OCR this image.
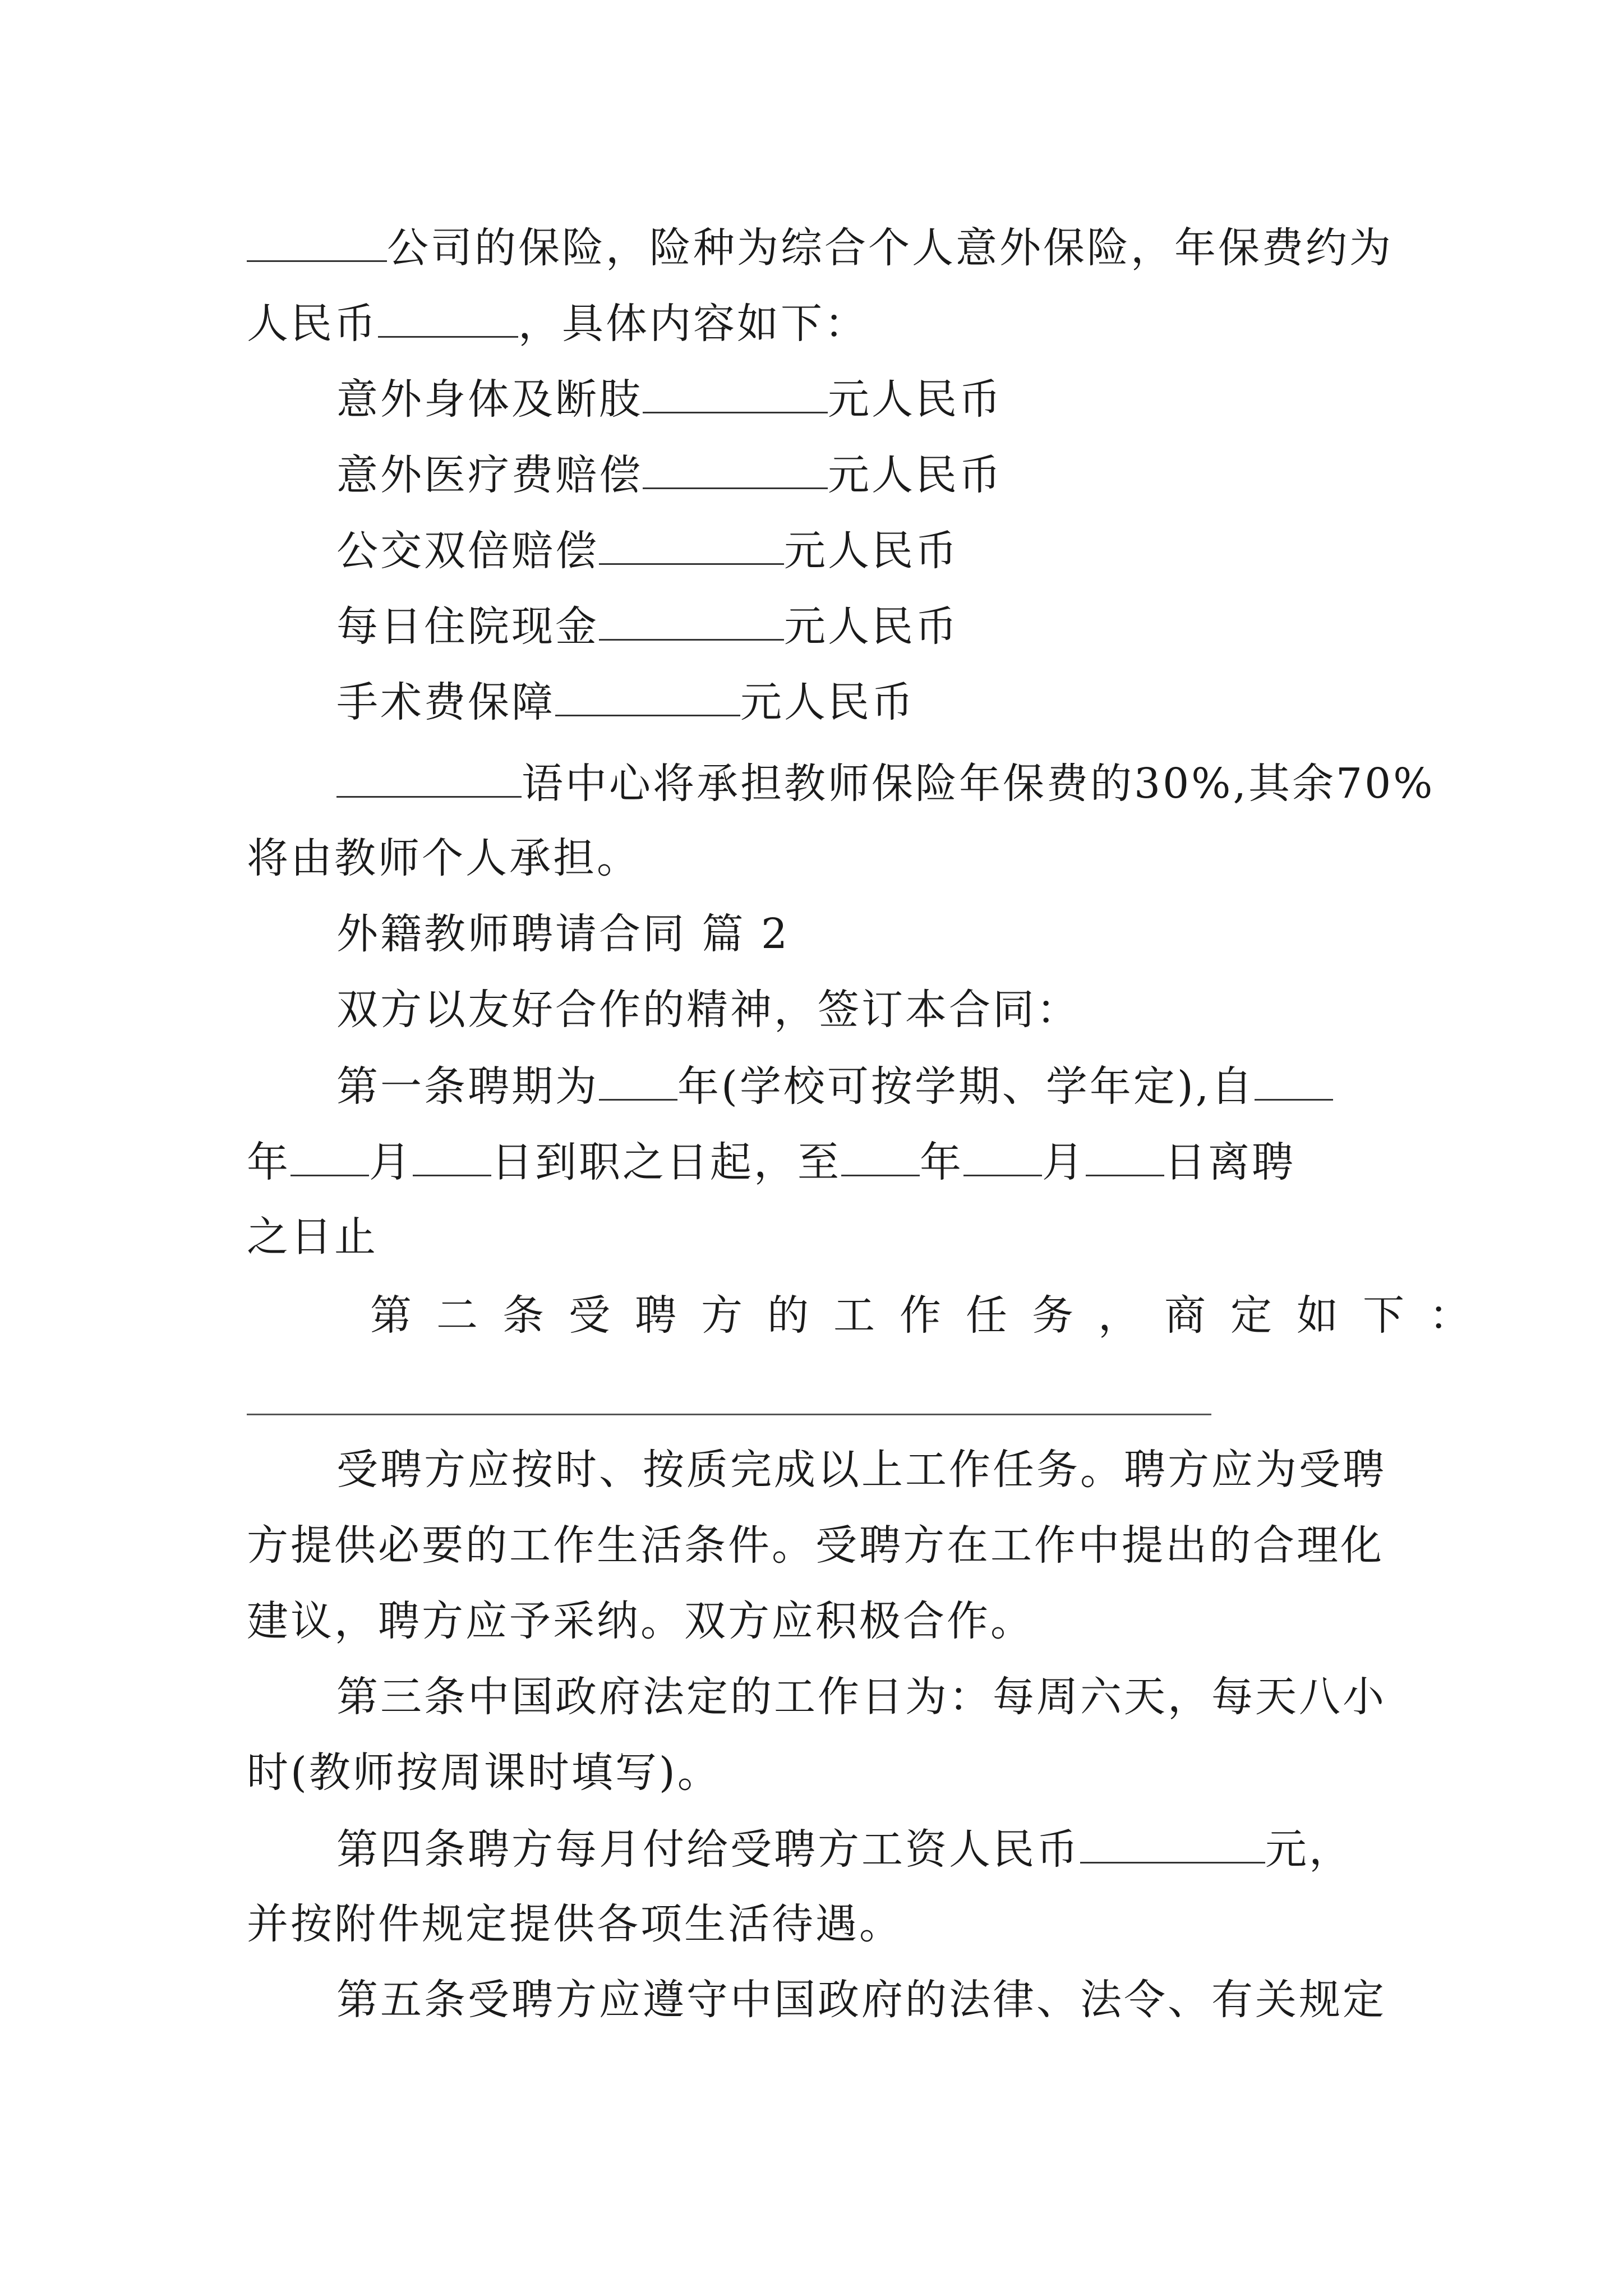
公司的保险，险种为综合个人意外保险，年保费约为
人民币	，具体内容如下：
意外身体及断肢	元人民币
意外医疗费赔偿	元人民币
公交双倍赔偿	元人民币
每日住院现金	元人民币
手术费保障	元人民币
语中心将承担教师保险年保费的30%,其余70%
将由教师个人承担。
外籍教师聘请合同 篇 2
双方以友好合作的精神，签订本合同：
第一条聘期为 年(学校可按学期、学年定),自
年 月 日到职之日起，至 年 月 日离聘
之日止
第二条受聘方的工作任务，商定如下：
受聘方应按时、按质完成以上工作任务。聘方应为受聘
方提供必要的工作生活条件。受聘方在工作中提出的合理化
建议，聘方应予采纳。双方应积极合作。
第三条中国政府法定的工作日为：每周六天，每天八小
时(教师按周课时填写)。
第四条聘方每月付给受聘方工资人民币	元，
并按附件规定提供各项生活待遇。
第五条受聘方应遵守中国政府的法律、法令、有关规定
